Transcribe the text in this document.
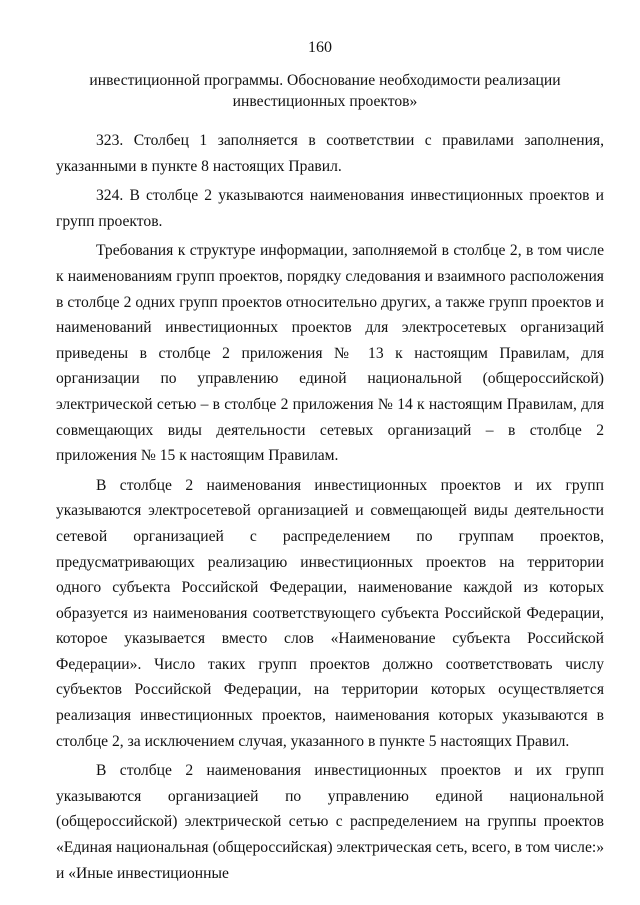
160
инвестиционной программы. Обоснование необходимости реализации инвестиционных проектов»

323. Столбец 1 заполняется в соответствии с правилами заполнения, указанными в пункте 8 настоящих Правил.

324. В столбце 2 указываются наименования инвестиционных проектов и групп проектов.

Требования к структуре информации, заполняемой в столбце 2, в том числе к наименованиям групп проектов, порядку следования и взаимного расположения в столбце 2 одних групп проектов относительно других, а также групп проектов и наименований инвестиционных проектов для электросетевых организаций приведены в столбце 2 приложения № 13 к настоящим Правилам, для организации по управлению единой национальной (общероссийской) электрической сетью – в столбце 2 приложения № 14 к настоящим Правилам, для совмещающих виды деятельности сетевых организаций – в столбце 2 приложения № 15 к настоящим Правилам.

В столбце 2 наименования инвестиционных проектов и их групп указываются электросетевой организацией и совмещающей виды деятельности сетевой организацией с распределением по группам проектов, предусматривающих реализацию инвестиционных проектов на территории одного субъекта Российской Федерации, наименование каждой из которых образуется из наименования соответствующего субъекта Российской Федерации, которое указывается вместо слов «Наименование субъекта Российской Федерации». Число таких групп проектов должно соответствовать числу субъектов Российской Федерации, на территории которых осуществляется реализация инвестиционных проектов, наименования которых указываются в столбце 2, за исключением случая, указанного в пункте 5 настоящих Правил.

В столбце 2 наименования инвестиционных проектов и их групп указываются организацией по управлению единой национальной (общероссийской) электрической сетью с распределением на группы проектов «Единая национальная (общероссийская) электрическая сеть, всего, в том числе:» и «Иные инвестиционные
